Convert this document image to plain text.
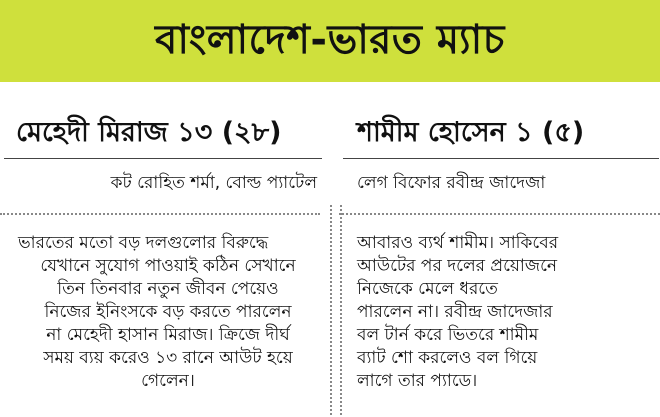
বাংলাদেশ-ভারত ম্যাচ
মেহেদী মিরাজ ১৩ (২৮)
কট রোহিত শর্মা, বোল্ড প্যাটেল
ভারতের মতো বড় দলগুলোর বিরুদ্ধে
যেখানে সুযোগ পাওয়াই কঠিন সেখানে
তিন তিনবার নতুন জীবন পেয়েও
নিজের ইনিংসকে বড় করতে পারলেন
না মেহেদী হাসান মিরাজ। ক্রিজে দীর্ঘ
সময় ব্যয় করেও ১৩ রানে আউট হয়ে
গেলেন।
শামীম হোসেন ১ (৫)
লেগ বিফোর রবীন্দ্র জাদেজা
আবারও ব্যর্থ শামীম। সাকিবের
আউটের পর দলের প্রয়োজনে
নিজেকে মেলে ধরতে
পারলেন না। রবীন্দ্র জাদেজার
বল টার্ন করে ভিতরে শামীম
ব্যাট শো করলেও বল গিয়ে
লাগে তার প্যাডে।
